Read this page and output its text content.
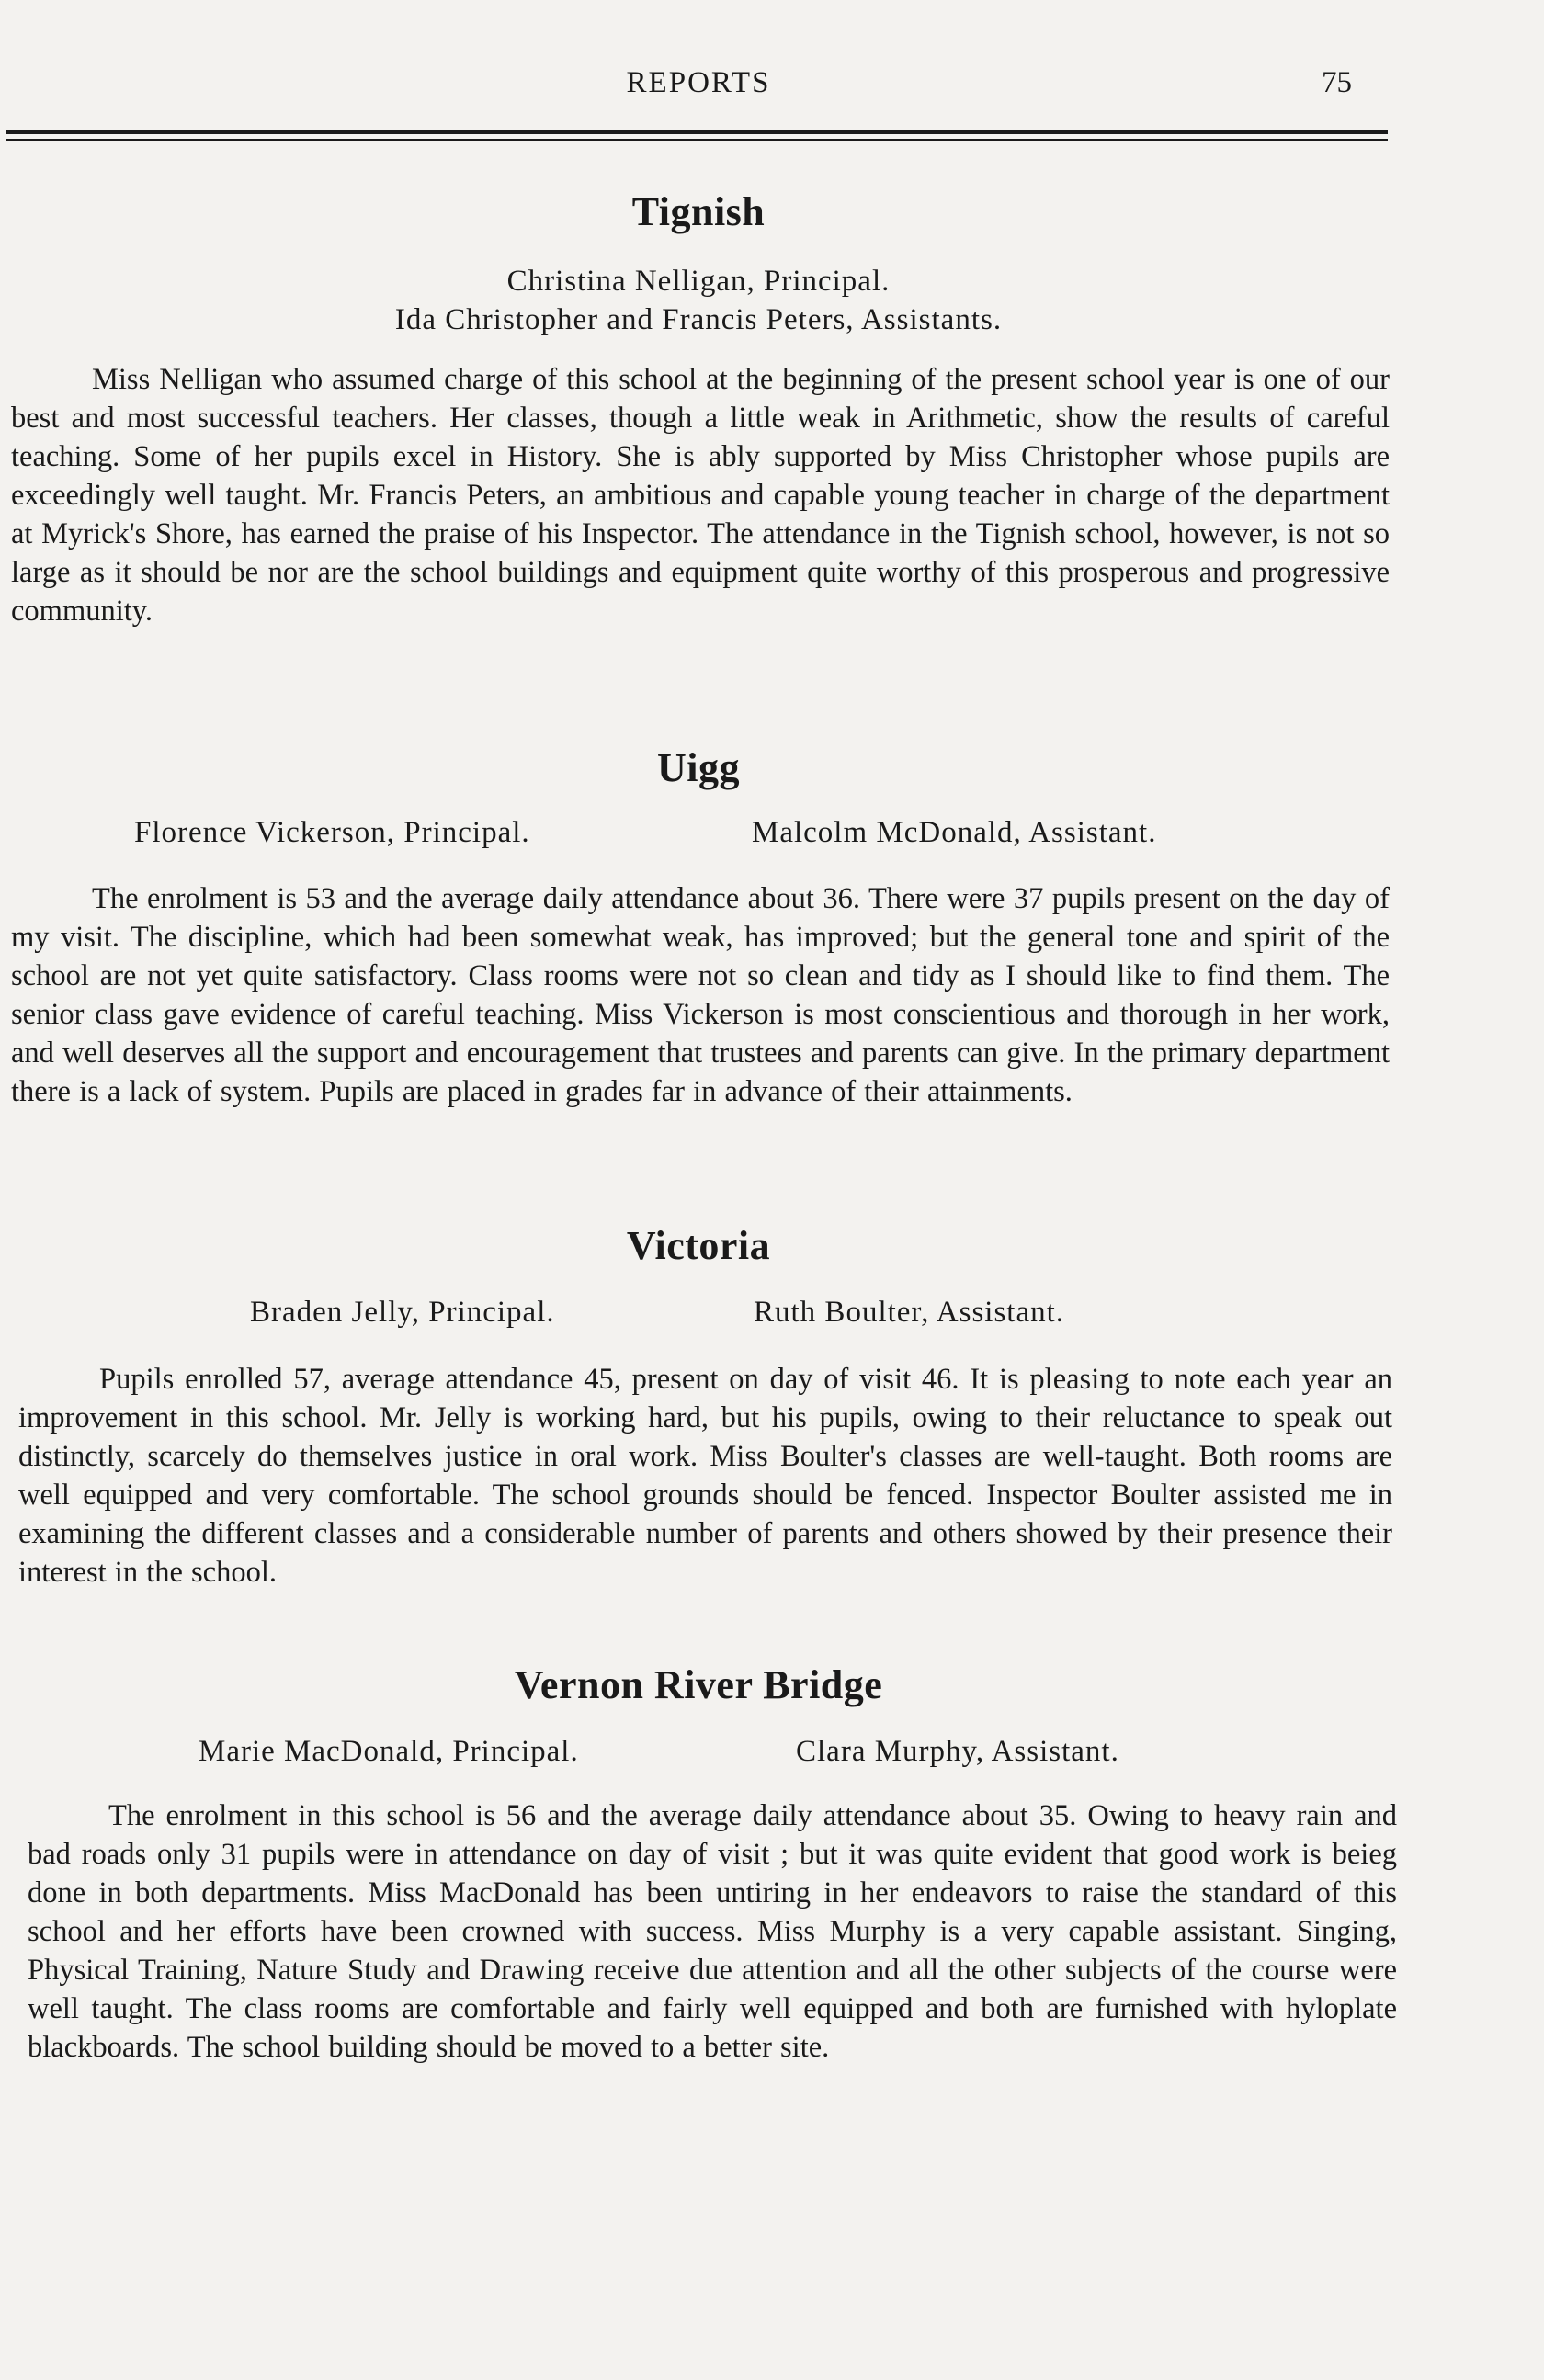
REPORTS	75
Tignish
Christina Nelligan, Principal.
Ida Christopher and Francis Peters, Assistants.

Miss Nelligan who assumed charge of this school at the beginning of the present school year is one of our best and most successful teachers. Her classes, though a little weak in Arithmetic, show the results of careful teaching. Some of her pupils excel in History. She is ably supported by Miss Christopher whose pupils are exceedingly well taught. Mr. Francis Peters, an ambitious and capable young teacher in charge of the department at Myrick's Shore, has earned the praise of his Inspector. The attendance in the Tignish school, however, is not so large as it should be nor are the school buildings and equipment quite worthy of this prosperous and progressive community.

Uigg
Florence Vickerson, Principal.	Malcolm McDonald, Assistant.

The enrolment is 53 and the average daily attendance about 36. There were 37 pupils present on the day of my visit. The discipline, which had been somewhat weak, has improved; but the general tone and spirit of the school are not yet quite satisfactory. Class rooms were not so clean and tidy as I should like to find them. The senior class gave evidence of careful teaching. Miss Vickerson is most conscientious and thorough in her work, and well deserves all the support and encouragement that trustees and parents can give. In the primary department there is a lack of system. Pupils are placed in grades far in advance of their attainments.

Victoria
Braden Jelly, Principal.	Ruth Boulter, Assistant.

Pupils enrolled 57, average attendance 45, present on day of visit 46. It is pleasing to note each year an improvement in this school. Mr. Jelly is working hard, but his pupils, owing to their reluctance to speak out distinctly, scarcely do themselves justice in oral work. Miss Boulter's classes are well-taught. Both rooms are well equipped and very comfortable. The school grounds should be fenced. Inspector Boulter assisted me in examining the different classes and a considerable number of parents and others showed by their presence their interest in the school.

Vernon River Bridge
Marie MacDonald, Principal.	Clara Murphy, Assistant.

The enrolment in this school is 56 and the average daily attendance about 35. Owing to heavy rain and bad roads only 31 pupils were in attendance on day of visit ; but it was quite evident that good work is beieg done in both departments. Miss MacDonald has been untiring in her endeavors to raise the standard of this school and her efforts have been crowned with success. Miss Murphy is a very capable assistant. Singing, Physical Training, Nature Study and Drawing receive due attention and all the other subjects of the course were well taught. The class rooms are comfortable and fairly well equipped and both are furnished with hyloplate blackboards. The school building should be moved to a better site.
